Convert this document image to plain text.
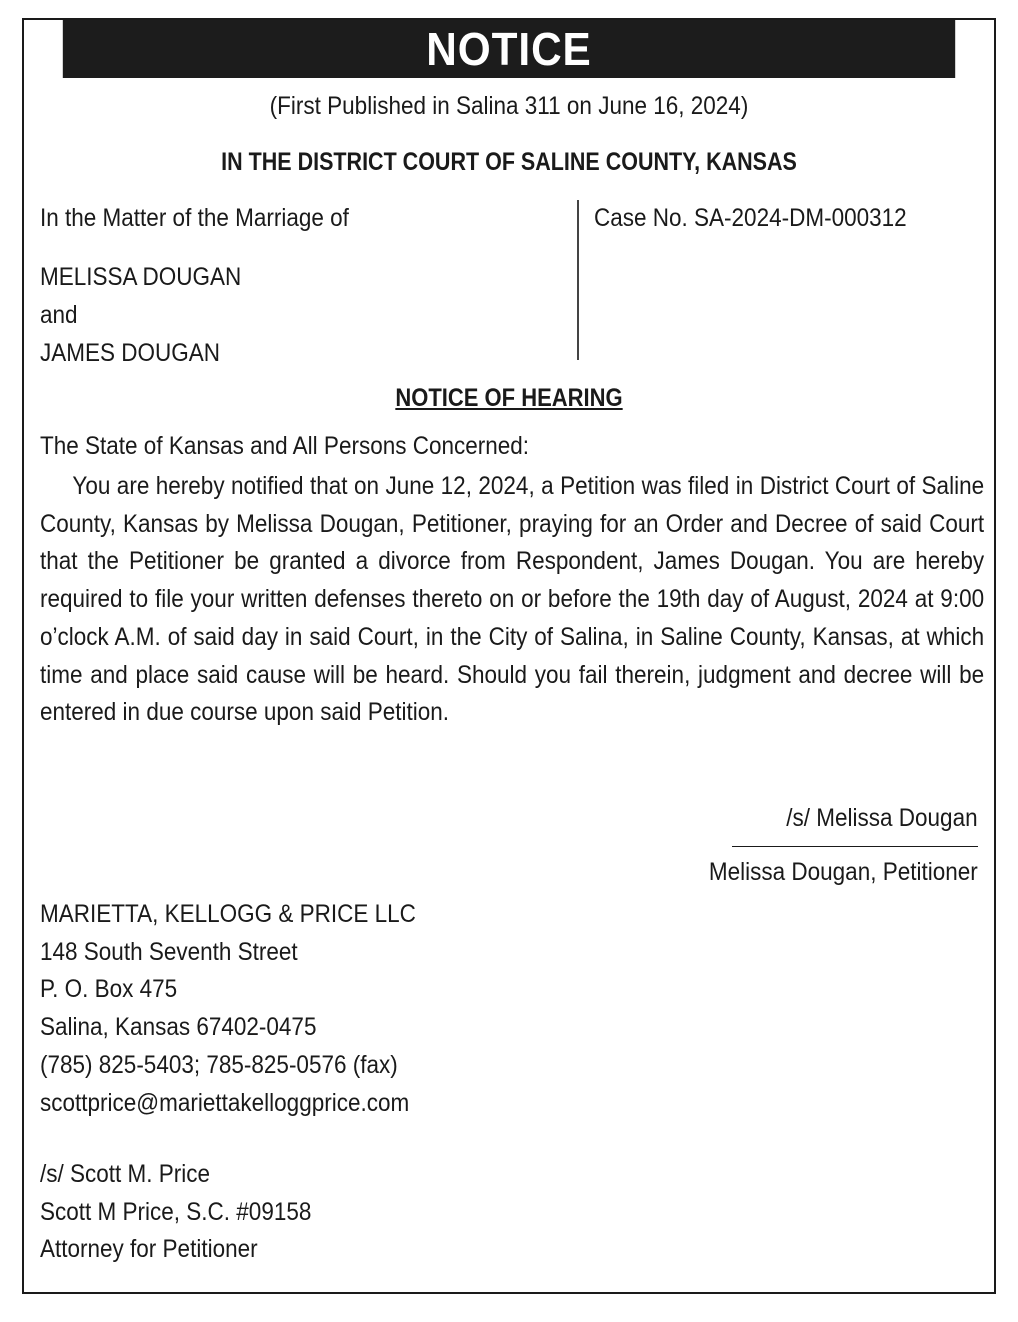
NOTICE
(First Published in Salina 311 on June 16, 2024)
IN THE DISTRICT COURT OF SALINE COUNTY, KANSAS
In the Matter of the Marriage of
MELISSA DOUGAN
and
JAMES DOUGAN
Case No. SA-2024-DM-000312
NOTICE OF HEARING
The State of Kansas and All Persons Concerned:
You are hereby notified that on June 12, 2024, a Petition was filed in District Court of Saline County, Kansas by Melissa Dougan, Petitioner, praying for an Order and Decree of said Court that the Petitioner be granted a divorce from Respondent, James Dougan. You are hereby required to file your written defenses thereto on or before the 19th day of August, 2024 at 9:00 o’clock A.M. of said day in said Court, in the City of Salina, in Saline County, Kansas, at which time and place said cause will be heard. Should you fail therein, judgment and decree will be entered in due course upon said Petition.
/s/ Melissa Dougan
Melissa Dougan, Petitioner
MARIETTA, KELLOGG & PRICE LLC
148 South Seventh Street
P. O. Box 475
Salina, Kansas 67402-0475
(785) 825-5403; 785-825-0576 (fax)
scottprice@mariettakelloggprice.com
/s/ Scott M. Price
Scott M Price, S.C. #09158
Attorney for Petitioner
